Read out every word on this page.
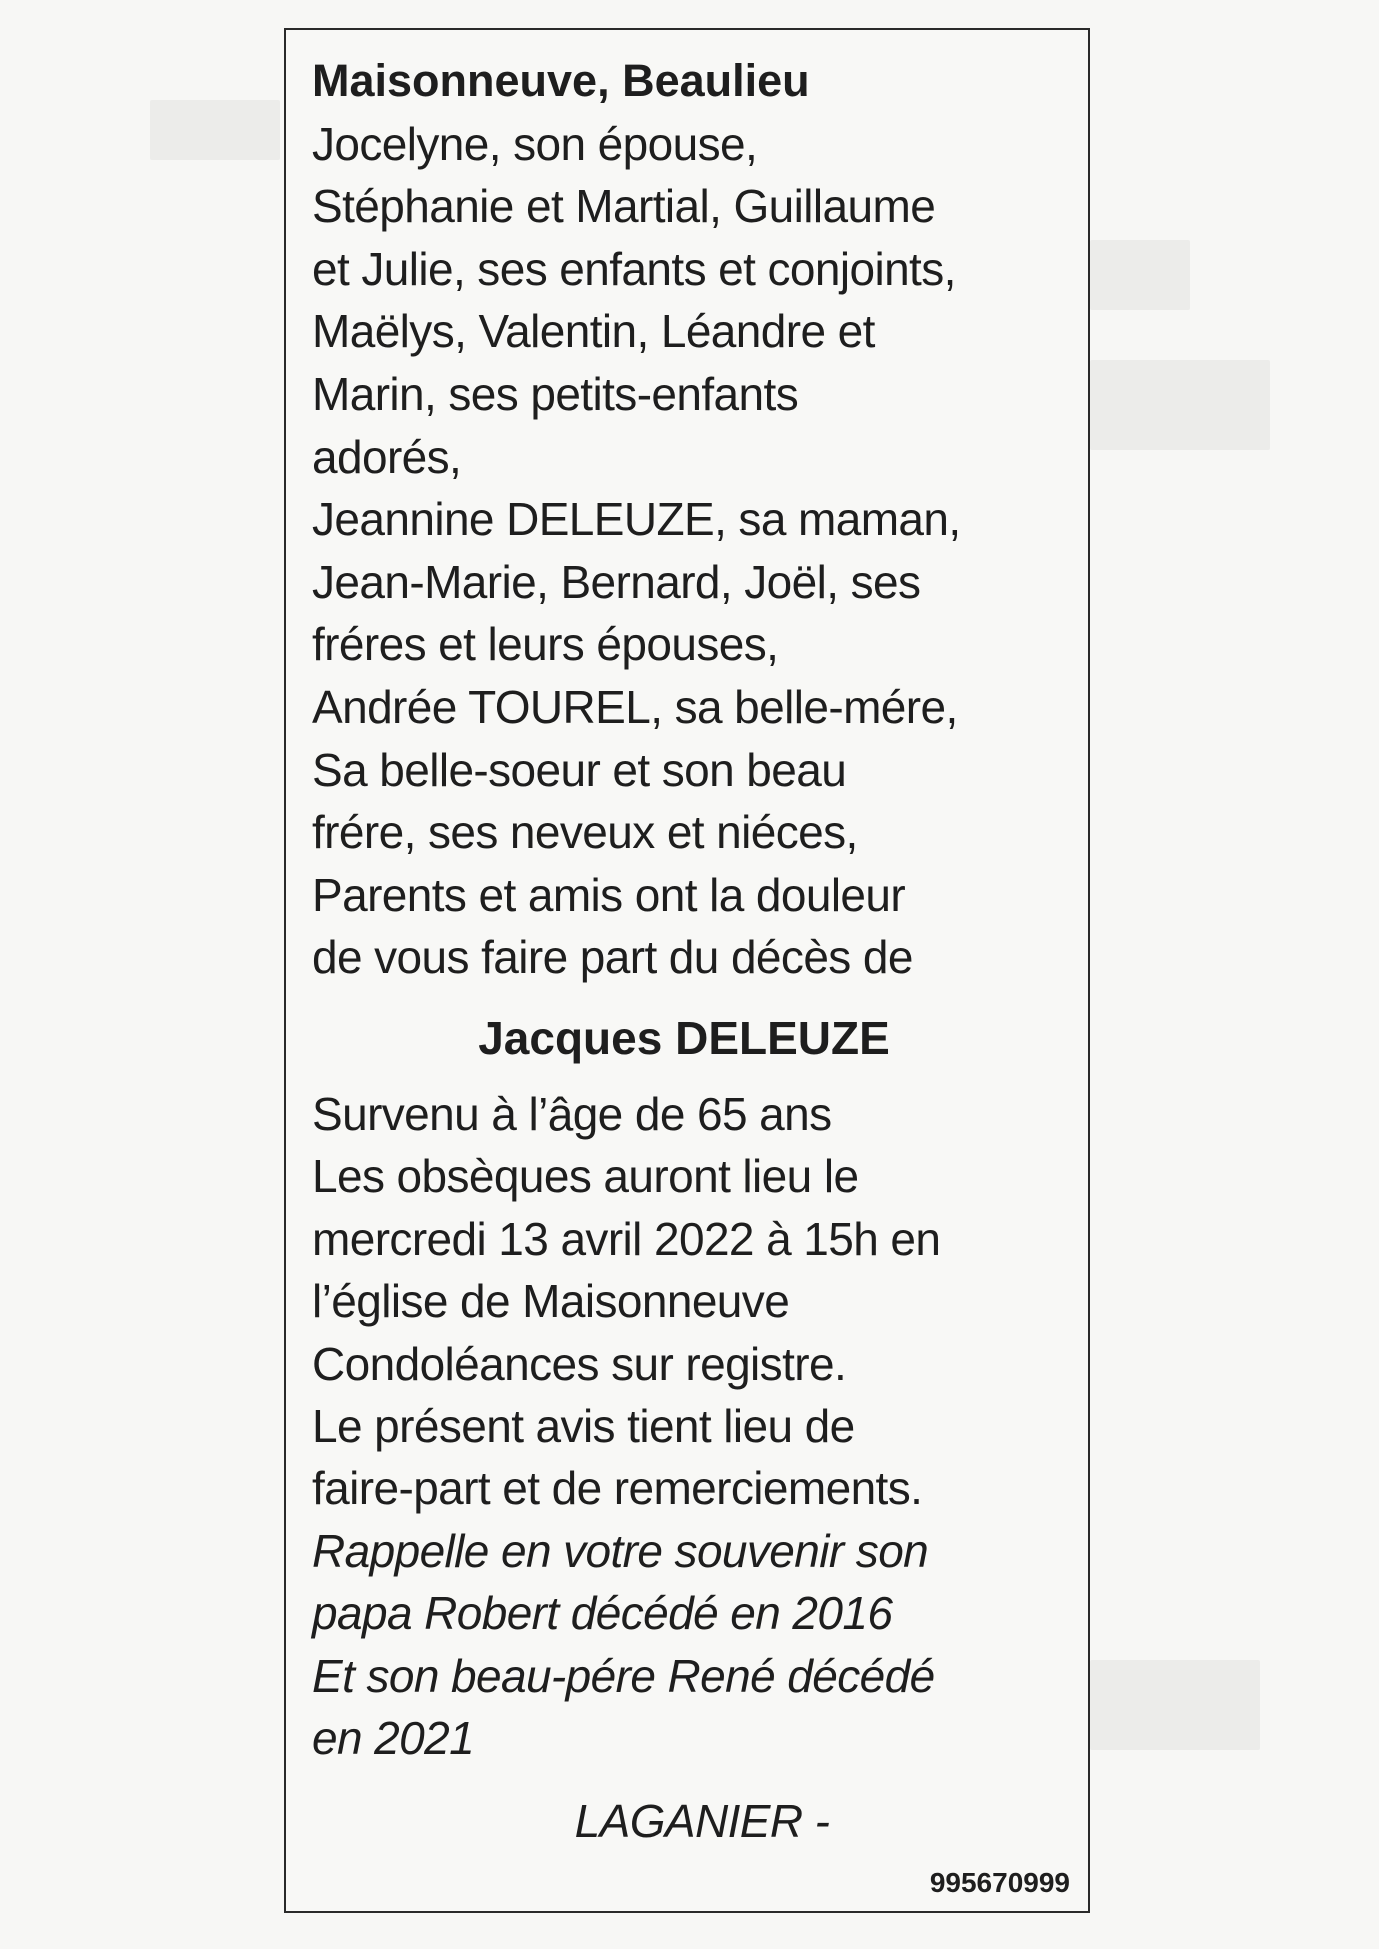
Maisonneuve, Beaulieu
Jocelyne, son épouse,
Stéphanie et Martial, Guillaume
et Julie, ses enfants et conjoints,
Maëlys, Valentin, Léandre et
Marin, ses petits-enfants
adorés,
Jeannine DELEUZE, sa maman,
Jean-Marie, Bernard, Joël, ses
fréres et leurs épouses,
Andrée TOUREL, sa belle-mére,
Sa belle-soeur et son beau
frére, ses neveux et niéces,
Parents et amis ont la douleur
de vous faire part du décès de
Jacques DELEUZE
Survenu à l’âge de 65 ans
Les obsèques auront lieu le
mercredi 13 avril 2022 à 15h en
l’église de Maisonneuve
Condoléances sur registre.
Le présent avis tient lieu de
faire-part et de remerciements.
Rappelle en votre souvenir son
papa Robert décédé en 2016
Et son beau-pére René décédé
en 2021
LAGANIER -
995670999
